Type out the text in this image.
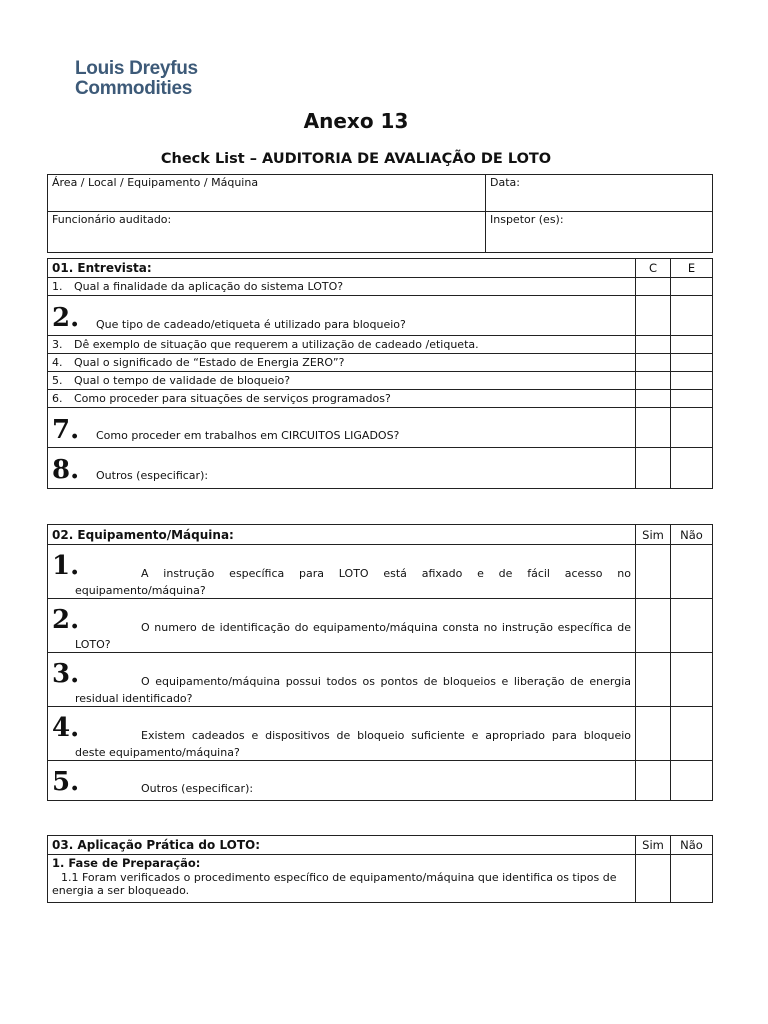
Louis Dreyfus
Commodities
Anexo 13
Check List – AUDITORIA DE AVALIAÇÃO DE LOTO
Área / Local / Equipamento / Máquina	Data:
Funcionário auditado:	Inspetor (es):
01. Entrevista:	C	E
1. Qual a finalidade da aplicação do sistema LOTO?		

2. Que tipo de cadeado/etiqueta é utilizado para bloqueio?		

3. Dê exemplo de situação que requerem a utilização de cadeado /etiqueta.		
4. Qual o significado de “Estado de Energia ZERO”?		
5. Qual o tempo de validade de bloqueio?		
6. Como proceder para situações de serviços programados?		

7. Como proceder em trabalhos em CIRCUITOS LIGADOS?		

8. Outros (especificar):		

02. Equipamento/Máquina:	Sim	Não

1. A instrução específica para LOTO está afixado e de fácil acesso no equipamento/máquina?		

2. O numero de identificação do equipamento/máquina consta no instrução específica de LOTO?		

3. O equipamento/máquina possui todos os pontos de bloqueios e liberação de energia residual identificado?		

4. Existem cadeados e dispositivos de bloqueio suficiente e apropriado para bloqueio deste equipamento/máquina?		

5. Outros (especificar):		

03. Aplicação Prática do LOTO:	Sim	Não

1. Fase de Preparação:
1.1 Foram verificados o procedimento específico de equipamento/máquina que identifica os tipos de energia a ser bloqueado.		
